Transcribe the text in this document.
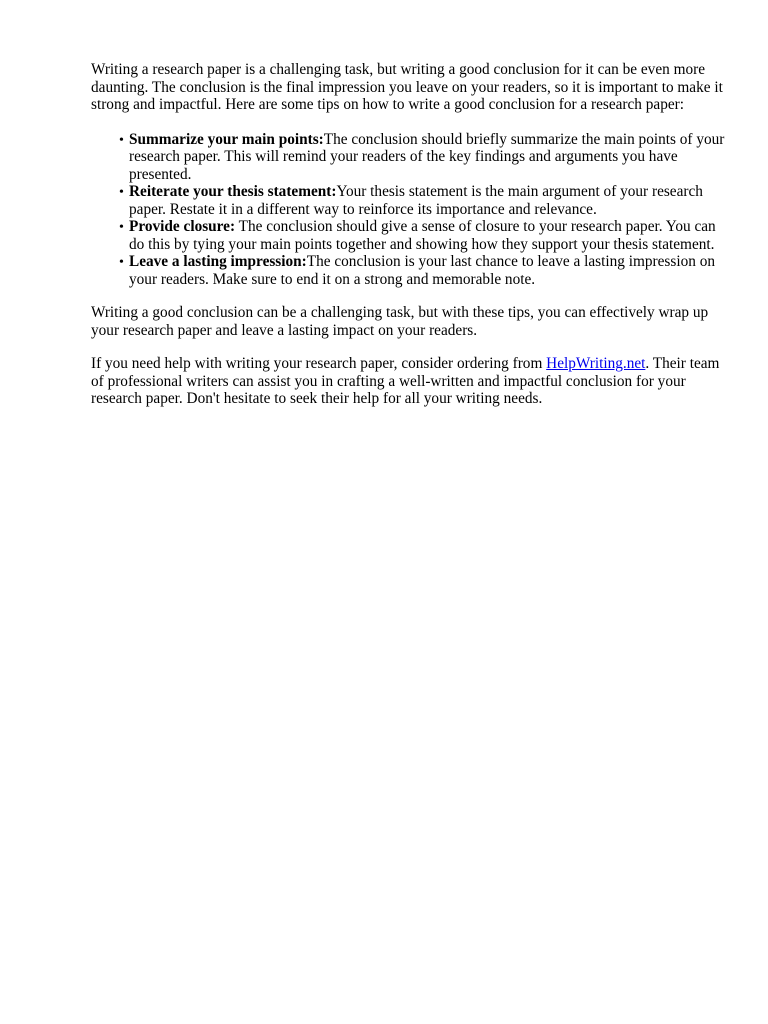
Writing a research paper is a challenging task, but writing a good conclusion for it can be even more daunting. The conclusion is the final impression you leave on your readers, so it is important to make it strong and impactful. Here are some tips on how to write a good conclusion for a research paper:

• Summarize your main points:The conclusion should briefly summarize the main points of your research paper. This will remind your readers of the key findings and arguments you have presented.
• Reiterate your thesis statement:Your thesis statement is the main argument of your research paper. Restate it in a different way to reinforce its importance and relevance.
• Provide closure: The conclusion should give a sense of closure to your research paper. You can do this by tying your main points together and showing how they support your thesis statement.
• Leave a lasting impression:The conclusion is your last chance to leave a lasting impression on your readers. Make sure to end it on a strong and memorable note.

Writing a good conclusion can be a challenging task, but with these tips, you can effectively wrap up your research paper and leave a lasting impact on your readers.

If you need help with writing your research paper, consider ordering from HelpWriting.net. Their team of professional writers can assist you in crafting a well-written and impactful conclusion for your research paper. Don't hesitate to seek their help for all your writing needs.
